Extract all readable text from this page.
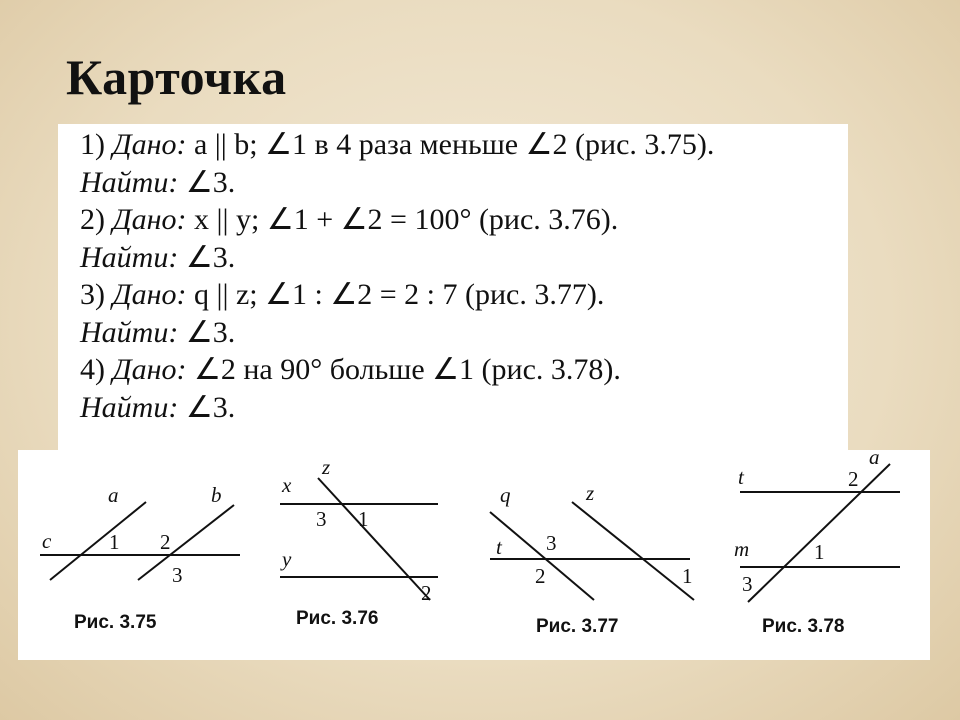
Карточка
1) Дано: a || b; ∠1 в 4 раза меньше ∠2 (рис. 3.75).
Найти: ∠3.
2) Дано: x || y; ∠1 + ∠2 = 100° (рис. 3.76).
Найти: ∠3.
3) Дано: q || z; ∠1 : ∠2 = 2 : 7 (рис. 3.77).
Найти: ∠3.
4) Дано: ∠2 на 90° больше ∠1 (рис. 3.78).
Найти: ∠3.
a	b
c	1 2
3
Рис. 3.75
x
y
z
3 1
2
Рис. 3.76
q	z
t 3
2	1
Рис. 3.77
a
t
m
2
1
3
Рис. 3.78
